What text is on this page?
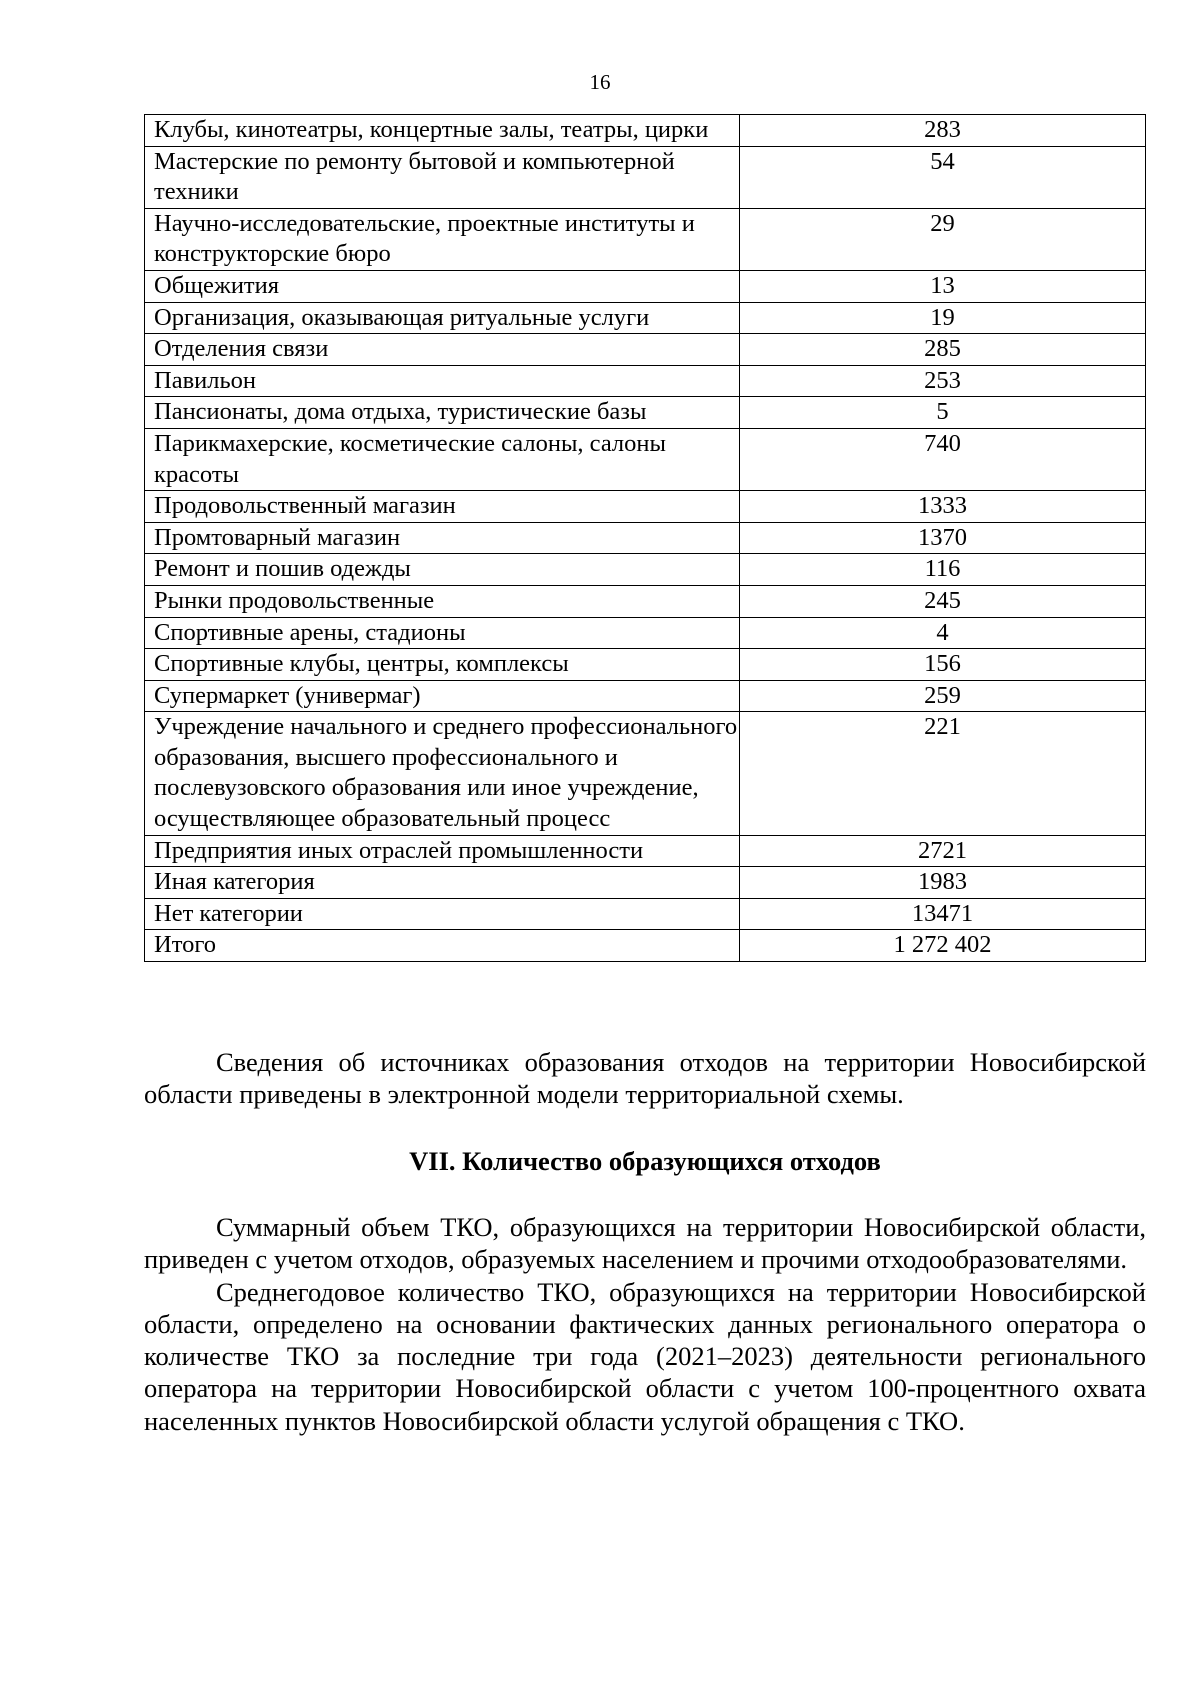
16
Клубы, кинотеатры, концертные залы, театры, цирки	283
Мастерские по ремонту бытовой и компьютерной техники	54
Научно-исследовательские, проектные институты и конструкторские бюро	29
Общежития	13
Организация, оказывающая ритуальные услуги	19
Отделения связи	285
Павильон	253
Пансионаты, дома отдыха, туристические базы	5
Парикмахерские, косметические салоны, салоны красоты	740
Продовольственный магазин	1333
Промтоварный магазин	1370
Ремонт и пошив одежды	116
Рынки продовольственные	245
Спортивные арены, стадионы	4
Спортивные клубы, центры, комплексы	156
Супермаркет (универмаг)	259
Учреждение начального и среднего профессионального образования, высшего профессионального и послевузовского образования или иное учреждение, осуществляющее образовательный процесс	221
Предприятия иных отраслей промышленности	2721
Иная категория	1983
Нет категории	13471
Итого	1 272 402

Сведения об источниках образования отходов на территории Новосибирской области приведены в электронной модели территориальной схемы.

VII. Количество образующихся отходов

Суммарный объем ТКО, образующихся на территории Новосибирской области, приведен с учетом отходов, образуемых населением и прочими отходообразователями.

Среднегодовое количество ТКО, образующихся на территории Новосибирской области, определено на основании фактических данных регионального оператора о количестве ТКО за последние три года (2021–2023) деятельности регионального оператора на территории Новосибирской области с учетом 100-процентного охвата населенных пунктов Новосибирской области услугой обращения с ТКО.
